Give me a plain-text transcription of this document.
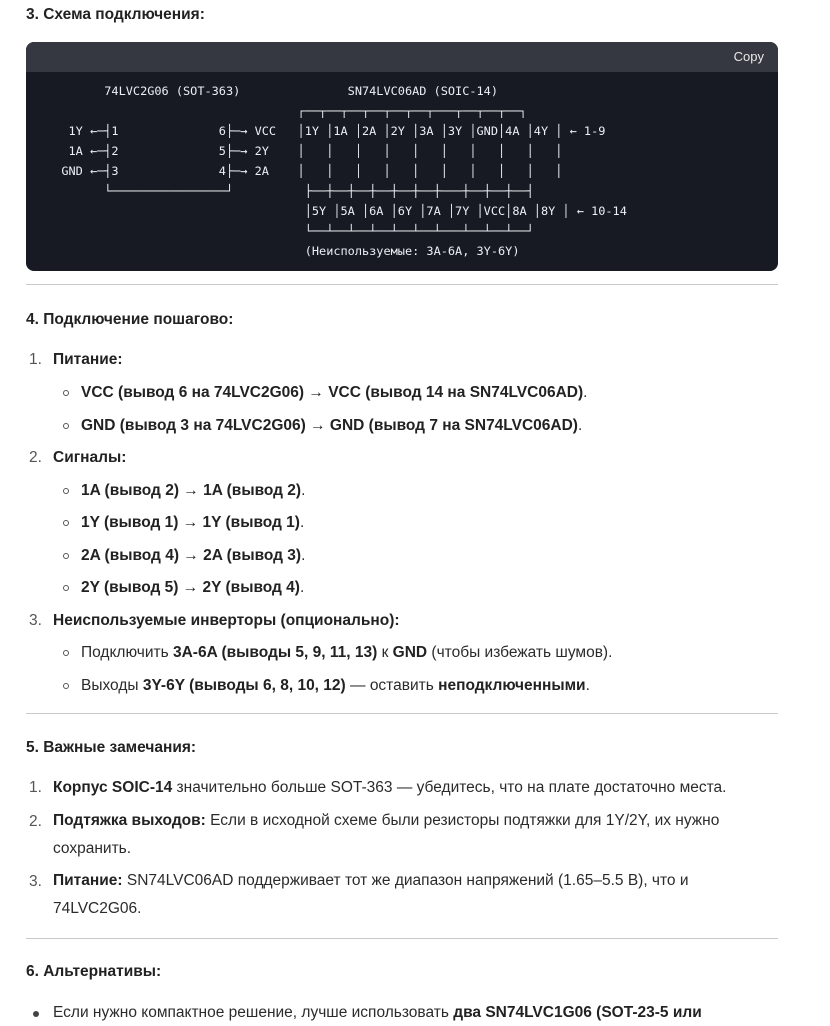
3. Схема подключения:
Copy
74LVC2G06 (SOT-363)               SN74LVC06AD (SOIC-14)
┌──┬──┬──┬──┬──┬──┬───┬──┬──┬──┐
1Y ←─┤1              6├─→ VCC   │1Y │1A │2A │2Y │3A │3Y │GND│4A │4Y │ ← 1-9
1A ←─┤2              5├─→ 2Y    │   │   │   │   │   │   │   │   │   │
GND ←─┤3              4├─→ 2A    │   │   │   │   │   │   │   │   │   │
└────────────────┘          ├──┼──┼──┼──┼──┼──┼───┼──┼──┼──┤
│5Y │5A │6A │6Y │7A │7Y │VCC│8A │8Y │ ← 10-14
└──┴──┴──┴──┴──┴──┴───┴──┴──┴──┘
(Неиспользуемые: 3A-6A, 3Y-6Y)
4. Подключение пошагово:
1. Питание:
VCC (вывод 6 на 74LVC2G06) → VCC (вывод 14 на SN74LVC06AD).
GND (вывод 3 на 74LVC2G06) → GND (вывод 7 на SN74LVC06AD).
2. Сигналы:
1A (вывод 2) → 1A (вывод 2).
1Y (вывод 1) → 1Y (вывод 1).
2A (вывод 4) → 2A (вывод 3).
2Y (вывод 5) → 2Y (вывод 4).
3. Неиспользуемые инверторы (опционально):
Подключить 3A-6A (выводы 5, 9, 11, 13) к GND (чтобы избежать шумов).
Выходы 3Y-6Y (выводы 6, 8, 10, 12) — оставить неподключенными.
5. Важные замечания:
1. Корпус SOIC-14 значительно больше SOT-363 — убедитесь, что на плате достаточно места.
2. Подтяжка выходов: Если в исходной схеме были резисторы подтяжки для 1Y/2Y, их нужно сохранить.
3. Питание: SN74LVC06AD поддерживает тот же диапазон напряжений (1.65–5.5 В), что и 74LVC2G06.
6. Альтернативы:
Если нужно компактное решение, лучше использовать два SN74LVC1G06 (SOT-23-5 или
